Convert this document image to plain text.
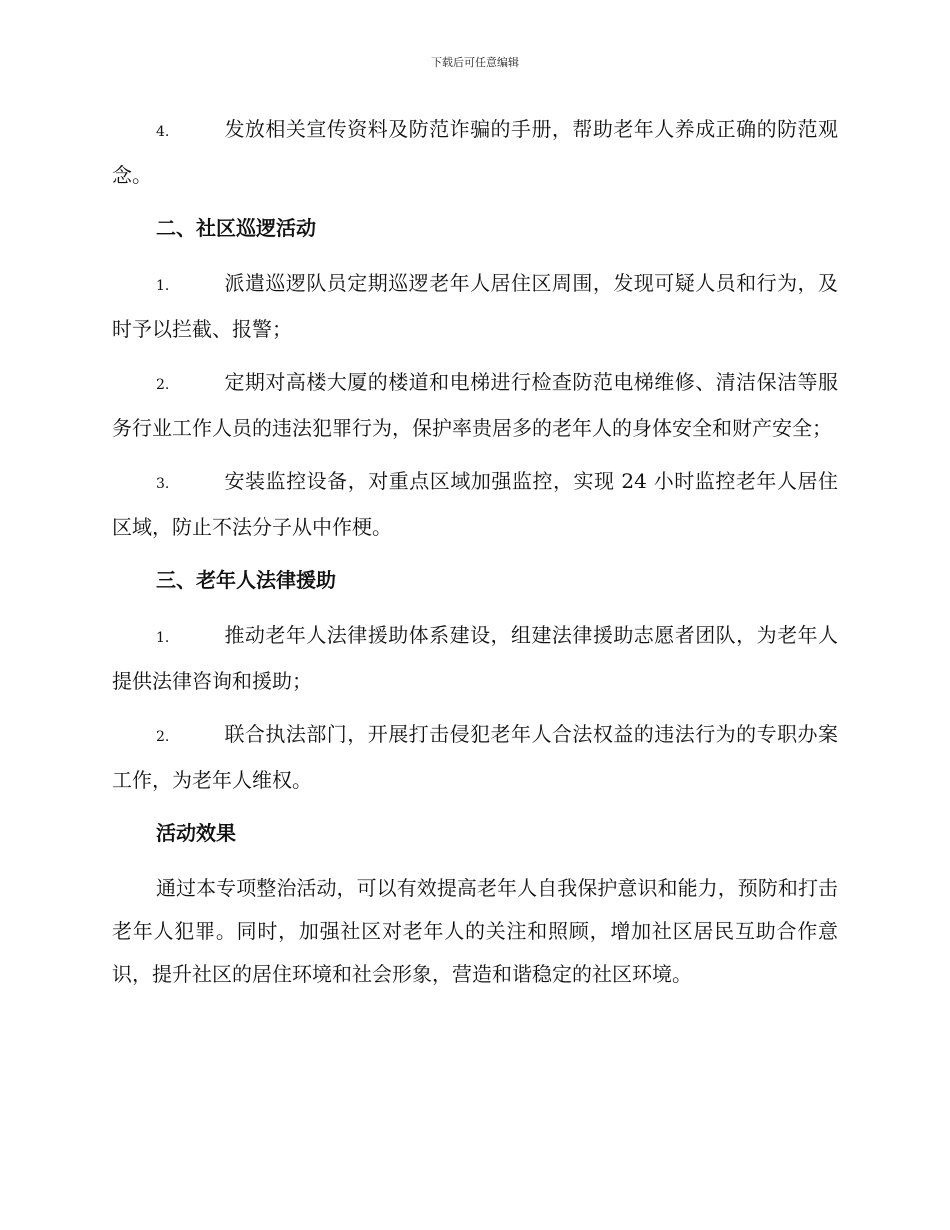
下载后可任意编辑

4.	发放相关宣传资料及防范诈骗的手册，帮助老年人养成正确的防范观念。

二、社区巡逻活动

1.	派遣巡逻队员定期巡逻老年人居住区周围，发现可疑人员和行为，及时予以拦截、报警；

2.	定期对高楼大厦的楼道和电梯进行检查防范电梯维修、清洁保洁等服务行业工作人员的违法犯罪行为，保护率贵居多的老年人的身体安全和财产安全；

3.	安装监控设备，对重点区域加强监控，实现 24 小时监控老年人居住区域，防止不法分子从中作梗。

三、老年人法律援助

1.	推动老年人法律援助体系建设，组建法律援助志愿者团队，为老年人提供法律咨询和援助；

2.	联合执法部门，开展打击侵犯老年人合法权益的违法行为的专职办案工作，为老年人维权。

活动效果

通过本专项整治活动，可以有效提高老年人自我保护意识和能力，预防和打击老年人犯罪。同时，加强社区对老年人的关注和照顾，增加社区居民互助合作意识，提升社区的居住环境和社会形象，营造和谐稳定的社区环境。
